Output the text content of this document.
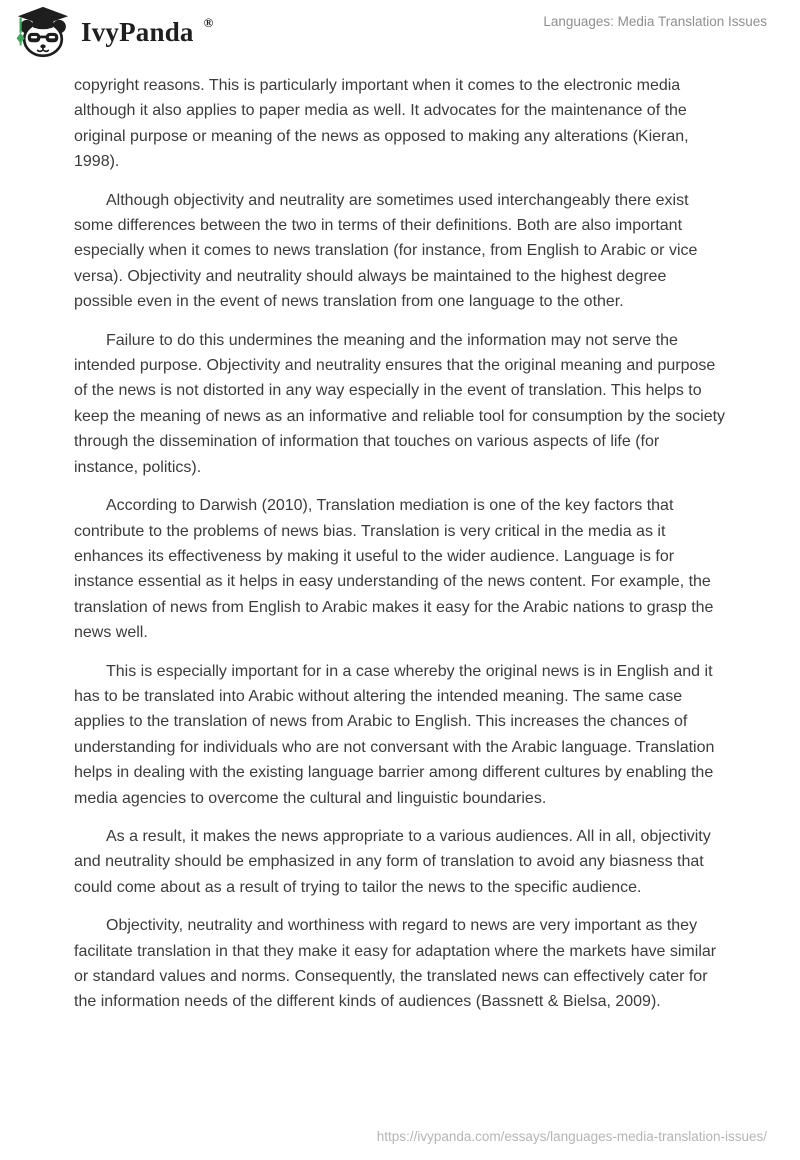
IvyPanda ®	Languages: Media Translation Issues

copyright reasons. This is particularly important when it comes to the electronic media although it also applies to paper media as well. It advocates for the maintenance of the original purpose or meaning of the news as opposed to making any alterations (Kieran, 1998).

Although objectivity and neutrality are sometimes used interchangeably there exist some differences between the two in terms of their definitions. Both are also important especially when it comes to news translation (for instance, from English to Arabic or vice versa). Objectivity and neutrality should always be maintained to the highest degree possible even in the event of news translation from one language to the other.

Failure to do this undermines the meaning and the information may not serve the intended purpose. Objectivity and neutrality ensures that the original meaning and purpose of the news is not distorted in any way especially in the event of translation. This helps to keep the meaning of news as an informative and reliable tool for consumption by the society through the dissemination of information that touches on various aspects of life (for instance, politics).

According to Darwish (2010), Translation mediation is one of the key factors that contribute to the problems of news bias. Translation is very critical in the media as it enhances its effectiveness by making it useful to the wider audience. Language is for instance essential as it helps in easy understanding of the news content. For example, the translation of news from English to Arabic makes it easy for the Arabic nations to grasp the news well.

This is especially important for in a case whereby the original news is in English and it has to be translated into Arabic without altering the intended meaning. The same case applies to the translation of news from Arabic to English. This increases the chances of understanding for individuals who are not conversant with the Arabic language. Translation helps in dealing with the existing language barrier among different cultures by enabling the media agencies to overcome the cultural and linguistic boundaries.

As a result, it makes the news appropriate to a various audiences. All in all, objectivity and neutrality should be emphasized in any form of translation to avoid any biasness that could come about as a result of trying to tailor the news to the specific audience.

Objectivity, neutrality and worthiness with regard to news are very important as they facilitate translation in that they make it easy for adaptation where the markets have similar or standard values and norms. Consequently, the translated news can effectively cater for the information needs of the different kinds of audiences (Bassnett & Bielsa, 2009).

https://ivypanda.com/essays/languages-media-translation-issues/
